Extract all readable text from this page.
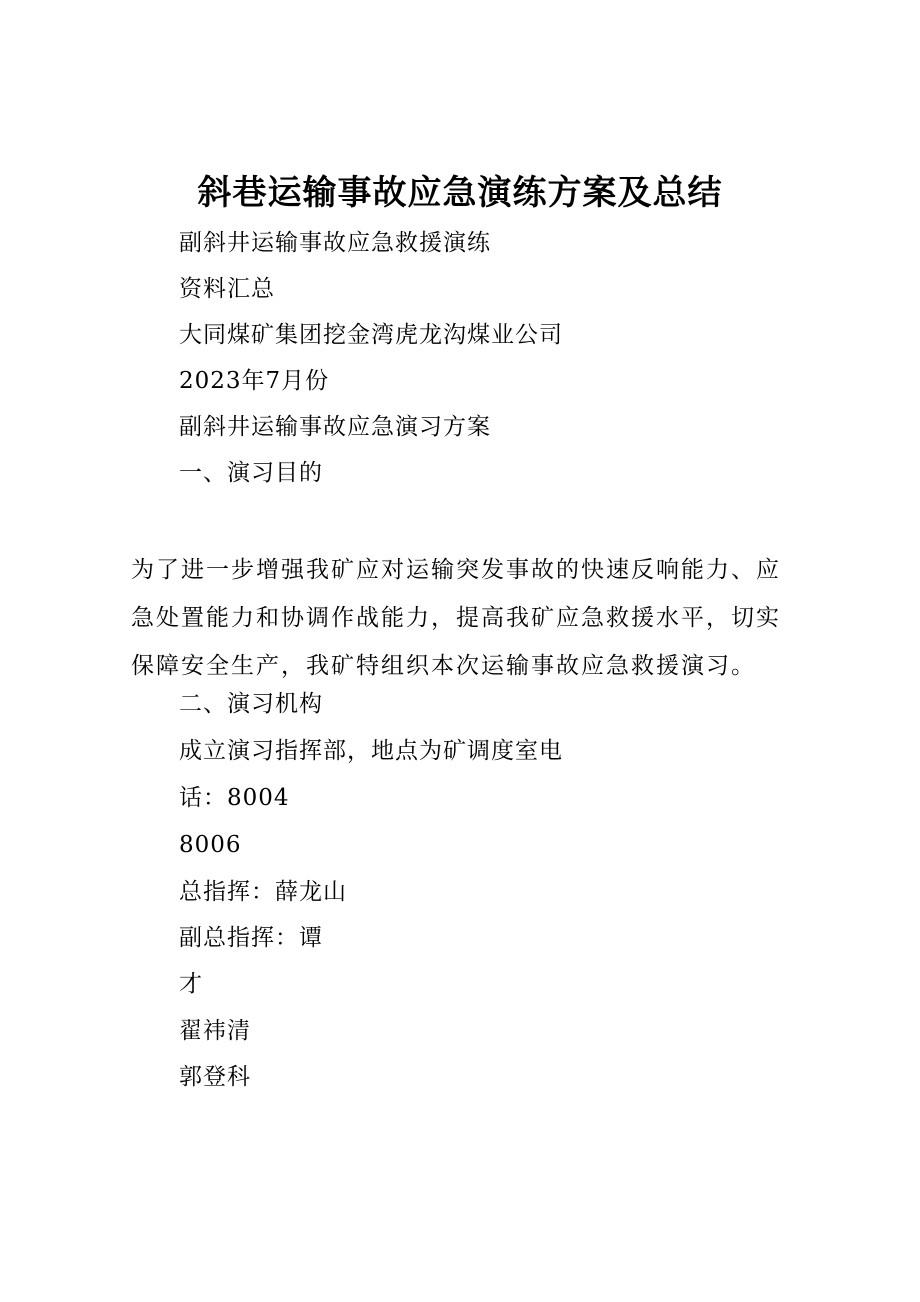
斜巷运输事故应急演练方案及总结

副斜井运输事故应急救援演练

资料汇总

大同煤矿集团挖金湾虎龙沟煤业公司

2023年7月份

副斜井运输事故应急演习方案

一、演习目的

为了进一步增强我矿应对运输突发事故的快速反响能力、应急处置能力和协调作战能力，提高我矿应急救援水平，切实保障安全生产，我矿特组织本次运输事故应急救援演习。

二、演习机构

成立演习指挥部，地点为矿调度室电

话：8004

8006

总指挥：薛龙山

副总指挥：谭

才

翟祎清

郭登科
